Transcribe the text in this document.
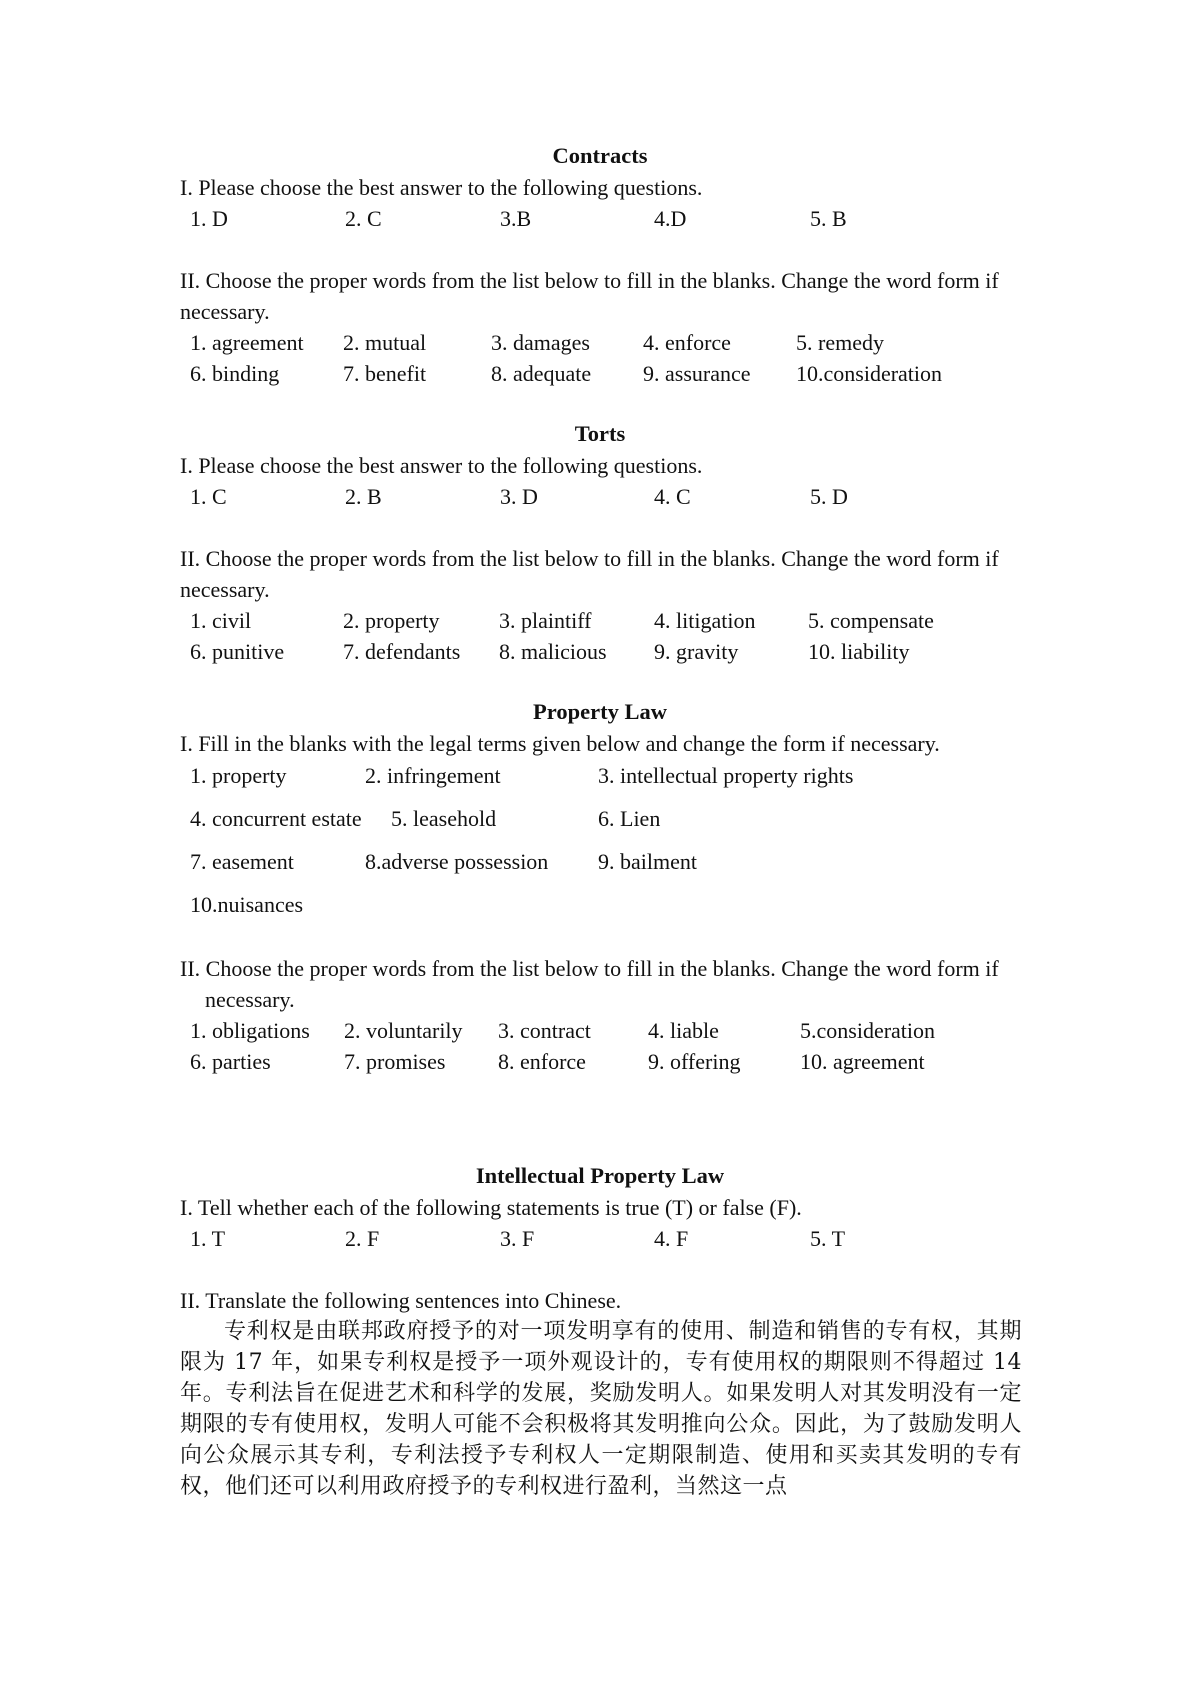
Contracts
I. Please choose the best answer to the following questions.
1. D	2. C	3.B	4.D	5. B
II. Choose the proper words from the list below to fill in the blanks. Change the word form if necessary.
1. agreement 2. mutual	3. damages 4. enforce	5. remedy
6. binding	7. benefit	8. adequate 9. assurance 10.consideration
Torts
I. Please choose the best answer to the following questions.
1. C	2. B	3. D	4. C	5. D
II. Choose the proper words from the list below to fill in the blanks. Change the word form if necessary.
1. civil	2. property	3. plaintiff	4. litigation 5. compensate
6. punitive	7. defendants 8. malicious 9. gravity	10. liability
Property Law
I. Fill in the blanks with the legal terms given below and change the form if necessary.
1. property	2. infringement	3. intellectual property rights
4. concurrent estate 5. leasehold	6. Lien
7. easement	8.adverse possession 9. bailment
10.nuisances
II. Choose the proper words from the list below to fill in the blanks. Change the word form if necessary.
1. obligations 2. voluntarily 3. contract	4. liable	5.consideration
6. parties	7. promises 8. enforce	9. offering	10. agreement
Intellectual Property Law
I. Tell whether each of the following statements is true (T) or false (F).
1. T	2. F	3. F	4. F	5. T
II. Translate the following sentences into Chinese.

专利权是由联邦政府授予的对一项发明享有的使用、制造和销售的专有权，其期限为 17 年，如果专利权是授予一项外观设计的，专有使用权的期限则不得超过 14 年。专利法旨在促进艺术和科学的发展，奖励发明人。如果发明人对其发明没有一定期限的专有使用权，发明人可能不会积极将其发明推向公众。因此，为了鼓励发明人向公众展示其专利，专利法授予专利权人一定期限制造、使用和买卖其发明的专有权，他们还可以利用政府授予的专利权进行盈利，当然这一点
